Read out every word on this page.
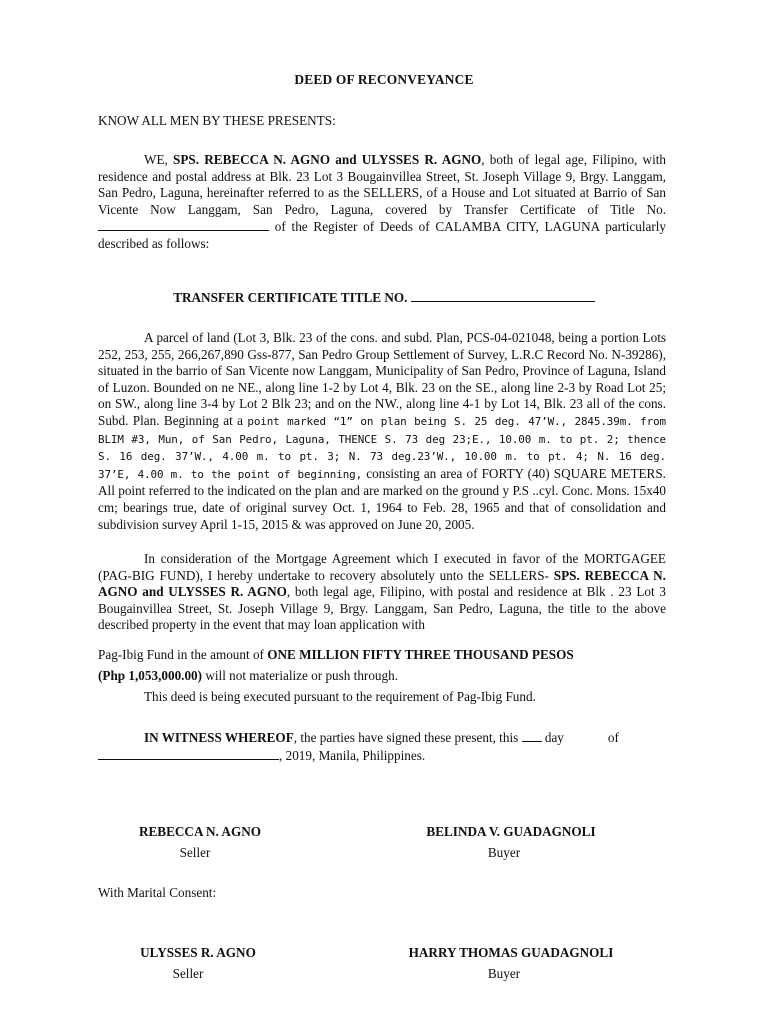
DEED OF RECONVEYANCE
KNOW ALL MEN BY THESE PRESENTS:

WE, SPS. REBECCA N. AGNO and ULYSSES R. AGNO, both of legal age, Filipino, with residence and postal address at Blk. 23 Lot 3 Bougainvillea Street, St. Joseph Village 9, Brgy. Langgam, San Pedro, Laguna, hereinafter referred to as the SELLERS, of a House and Lot situated at Barrio of San Vicente Now Langgam, San Pedro, Laguna, covered by Transfer Certificate of Title No.  of the Register of Deeds of CALAMBA CITY, LAGUNA particularly described as follows:

TRANSFER CERTIFICATE TITLE NO.

A parcel of land (Lot 3, Blk. 23 of the cons. and subd. Plan, PCS-04-021048, being a portion Lots 252, 253, 255, 266,267,890 Gss-877, San Pedro Group Settlement of Survey, L.R.C Record No. N-39286), situated in the barrio of San Vicente now Langgam, Municipality of San Pedro, Province of Laguna, Island of Luzon. Bounded on ne NE., along line 1-2 by Lot 4, Blk. 23 on the SE., along line 2-3 by Road Lot 25; on SW., along line 3-4 by Lot 2 Blk 23; and on the NW., along line 4-1 by Lot 14, Blk. 23 all of the cons. Subd. Plan. Beginning at a point marked “1” on plan being S. 25 deg. 47’W., 2845.39m. from BLIM #3, Mun, of San Pedro, Laguna, THENCE S. 73 deg 23;E., 10.00 m. to pt. 2; thence S. 16 deg. 37’W., 4.00 m. to pt. 3; N. 73 deg.23’W., 10.00 m. to pt. 4; N. 16 deg. 37’E, 4.00 m. to the point of beginning, consisting an area of FORTY (40) SQUARE METERS. All point referred to the indicated on the plan and are marked on the ground y P.S ..cyl. Conc. Mons. 15x40 cm; bearings true, date of original survey Oct. 1, 1964 to Feb. 28, 1965 and that of consolidation and subdivision survey April 1-15, 2015 & was approved on June 20, 2005.

In consideration of the Mortgage Agreement which I executed in favor of the MORTGAGEE (PAG-BIG FUND), I hereby undertake to recovery absolutely unto the SELLERS- SPS. REBECCA N. AGNO and ULYSSES R. AGNO, both legal age, Filipino, with postal and residence at Blk . 23 Lot 3 Bougainvillea Street, St. Joseph Village 9, Brgy. Langgam, San Pedro, Laguna, the title to the above described property in the event that may loan application with

Pag-Ibig Fund in the amount of ONE MILLION FIFTY THREE THOUSAND PESOS
(Php 1,053,000.00) will not materialize or push through.
This deed is being executed pursuant to the requirement of Pag-Ibig Fund.

IN WITNESS WHEREOF, the parties have signed these present, this  day	of

, 2019, Manila, Philippines.
REBECCA N. AGNO
Seller
BELINDA V. GUADAGNOLI
Buyer
With Marital Consent:
ULYSSES R. AGNO
Seller
HARRY THOMAS GUADAGNOLI
Buyer
